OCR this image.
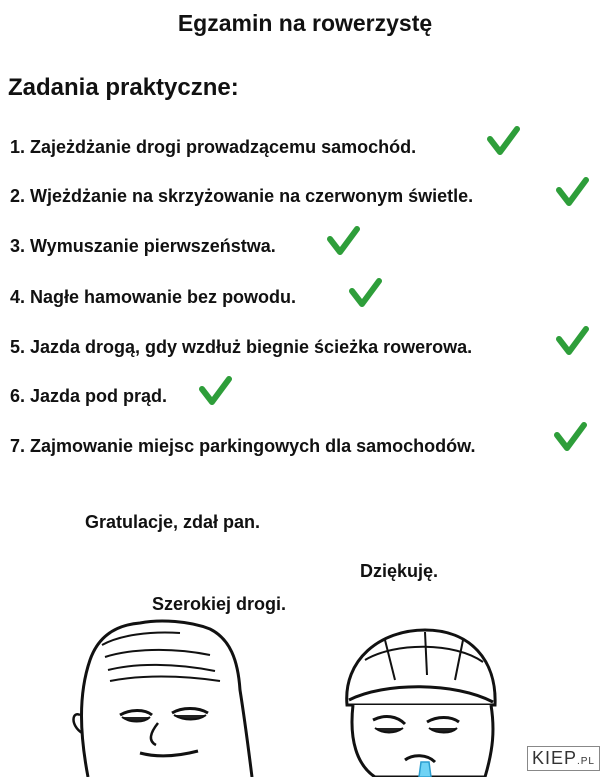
Egzamin na rowerzystę
Zadania praktyczne:
1. Zajeżdżanie drogi prowadzącemu samochód.
2. Wjeżdżanie na skrzyżowanie na czerwonym świetle.
3. Wymuszanie pierwszeństwa.
4. Nagłe hamowanie bez powodu.
5. Jazda drogą, gdy wzdłuż biegnie ścieżka rowerowa.
6. Jazda pod prąd.
7. Zajmowanie miejsc parkingowych dla samochodów.
Gratulacje, zdał pan.
Dziękuję.
Szerokiej drogi.
KIEP.PL
